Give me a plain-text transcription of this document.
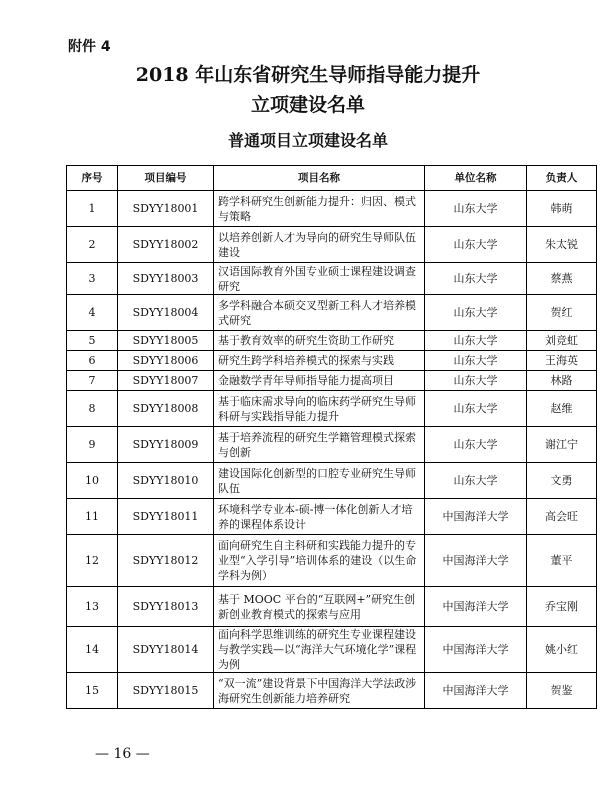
附件 4
2018 年山东省研究生导师指导能力提升
立项建设名单
普通项目立项建设名单
序号	项目编号	项目名称	单位名称	负责人
1	SDYY18001	跨学科研究生创新能力提升：归因、模式与策略	山东大学	韩萌
2	SDYY18002	以培养创新人才为导向的研究生导师队伍建设	山东大学	朱太锐
3	SDYY18003	汉语国际教育外国专业硕士课程建设调查研究	山东大学	蔡燕
4	SDYY18004	多学科融合本硕交叉型新工科人才培养模式研究	山东大学	贺红
5	SDYY18005	基于教育效率的研究生资助工作研究	山东大学	刘竞虹
6	SDYY18006	研究生跨学科培养模式的探索与实践	山东大学	王海英
7	SDYY18007	金融数学青年导师指导能力提高项目	山东大学	林路
8	SDYY18008	基于临床需求导向的临床药学研究生导师科研与实践指导能力提升	山东大学	赵维
9	SDYY18009	基于培养流程的研究生学籍管理模式探索与创新	山东大学	谢江宁
10	SDYY18010	建设国际化创新型的口腔专业研究生导师队伍	山东大学	文勇
11	SDYY18011	环境科学专业本-硕-博一体化创新人才培养的课程体系设计	中国海洋大学	高会旺
12	SDYY18012	面向研究生自主科研和实践能力提升的专业型“入学引导”培训体系的建设（以生命学科为例）	中国海洋大学	董平
13	SDYY18013	基于 MOOC 平台的“互联网+”研究生创新创业教育模式的探索与应用	中国海洋大学	乔宝刚
14	SDYY18014	面向科学思维训练的研究生专业课程建设与教学实践—以“海洋大气环境化学”课程为例	中国海洋大学	姚小红
15	SDYY18015	“双一流”建设背景下中国海洋大学法政涉海研究生创新能力培养研究	中国海洋大学	贺鉴
— 16 —
